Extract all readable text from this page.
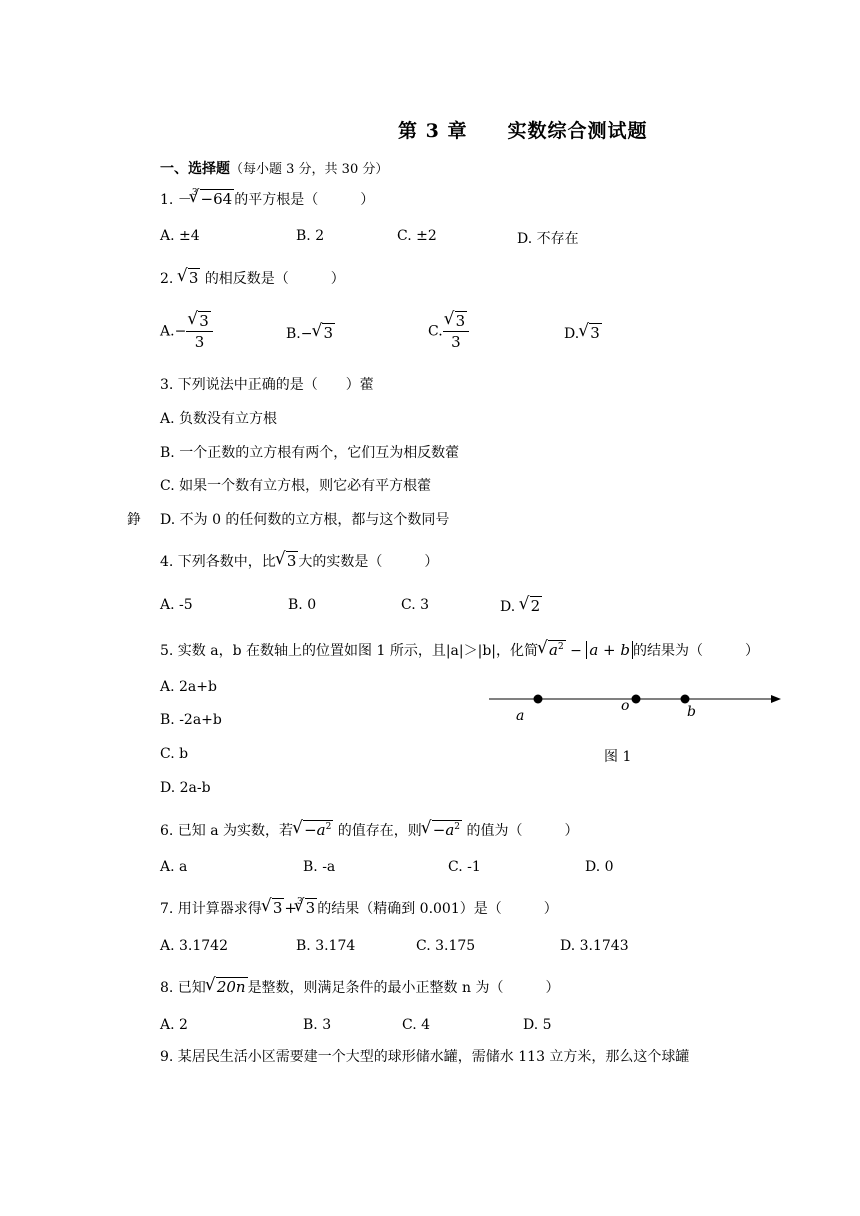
第 3 章　　实数综合测试题
一、选择题（每小题 3 分，共 30 分）
1. －$^3$ √ −64 的平方根是（　　　）
A. ±4	B. 2	C. ±2	D. 不存在
2. √ 3 的相反数是（　　　）
A.− √ $\frac{3}{3}$	B.− √ 3	C. √ $\frac{3}{3}$	D. √ 3
3. 下列说法中正确的是（　　）藿
A. 负数没有立方根
B. 一个正数的立方根有两个，它们互为相反数藿
C. 如果一个数有立方根，则它必有平方根藿
錚 D. 不为 0 的任何数的立方根，都与这个数同号
4. 下列各数中，比 √ 3 大的实数是（　　　）
A. -5	B. 0	C. 3	D. √ 2
5. 实数 a，b 在数轴上的位置如图 1 所示，且|a|＞|b|，化简 √ $a^2 - a + b$ 的结果为（　　　）
A. 2a+b
B. -2a+b
C. b
D. 2a-b
a
o	b
图 1
6. 已知 a 为实数，若 √ $-a^2$ 的值存在，则 √ $-a^2$ 的值为（　　　）
A. a	B. -a	C. -1	D. 0
7. 用计算器求得 √ 3 +$^3$ √ 3 的结果（精确到 0.001）是（　　　）
A. 3.1742	B. 3.174	C. 3.175	D. 3.1743
8. 已知 √ 20n 是整数，则满足条件的最小正整数 n 为（　　　）
A. 2	B. 3	C. 4	D. 5
9. 某居民生活小区需要建一个大型的球形储水罐，需储水 113 立方米，那么这个球罐
